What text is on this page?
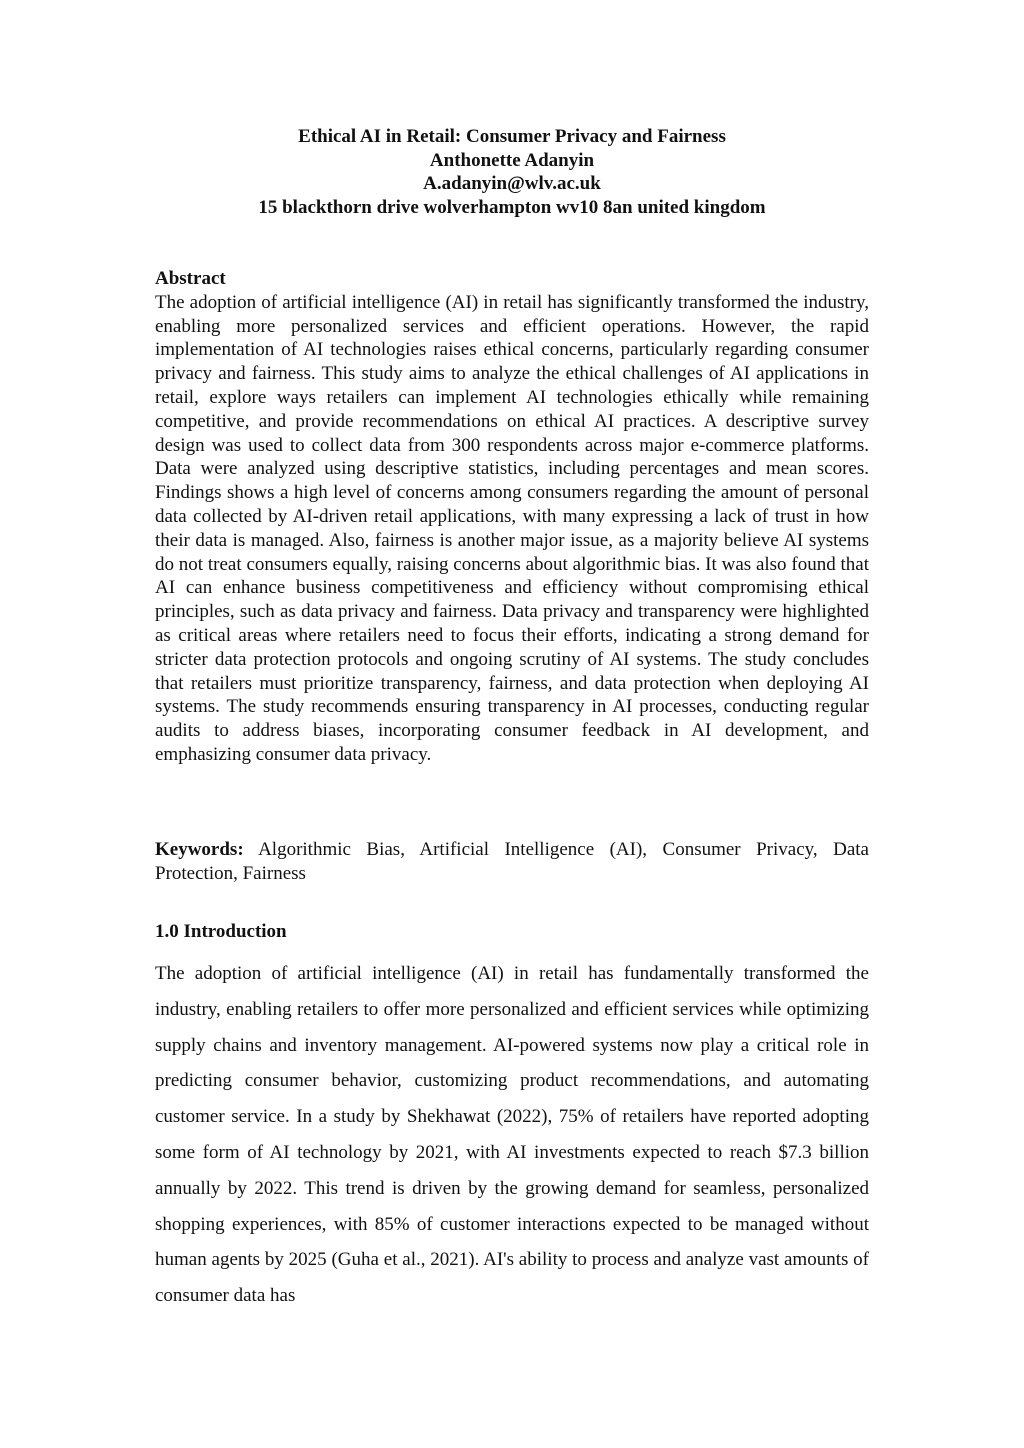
Ethical AI in Retail: Consumer Privacy and Fairness
Anthonette Adanyin
A.adanyin@wlv.ac.uk
15 blackthorn drive wolverhampton wv10 8an united kingdom
Abstract

The adoption of artificial intelligence (AI) in retail has significantly transformed the industry, enabling more personalized services and efficient operations. However, the rapid implementation of AI technologies raises ethical concerns, particularly regarding consumer privacy and fairness. This study aims to analyze the ethical challenges of AI applications in retail, explore ways retailers can implement AI technologies ethically while remaining competitive, and provide recommendations on ethical AI practices. A descriptive survey design was used to collect data from 300 respondents across major e-commerce platforms. Data were analyzed using descriptive statistics, including percentages and mean scores. Findings shows a high level of concerns among consumers regarding the amount of personal data collected by AI-driven retail applications, with many expressing a lack of trust in how their data is managed. Also, fairness is another major issue, as a majority believe AI systems do not treat consumers equally, raising concerns about algorithmic bias. It was also found that AI can enhance business competitiveness and efficiency without compromising ethical principles, such as data privacy and fairness. Data privacy and transparency were highlighted as critical areas where retailers need to focus their efforts, indicating a strong demand for stricter data protection protocols and ongoing scrutiny of AI systems. The study concludes that retailers must prioritize transparency, fairness, and data protection when deploying AI systems. The study recommends ensuring transparency in AI processes, conducting regular audits to address biases, incorporating consumer feedback in AI development, and emphasizing consumer data privacy.

Keywords: Algorithmic Bias, Artificial Intelligence (AI), Consumer Privacy, Data Protection, Fairness
1.0 Introduction

The adoption of artificial intelligence (AI) in retail has fundamentally transformed the industry, enabling retailers to offer more personalized and efficient services while optimizing supply chains and inventory management. AI-powered systems now play a critical role in predicting consumer behavior, customizing product recommendations, and automating customer service. In a study by Shekhawat (2022), 75% of retailers have reported adopting some form of AI technology by 2021, with AI investments expected to reach $7.3 billion annually by 2022. This trend is driven by the growing demand for seamless, personalized shopping experiences, with 85% of customer interactions expected to be managed without human agents by 2025 (Guha et al., 2021). AI's ability to process and analyze vast amounts of consumer data has
